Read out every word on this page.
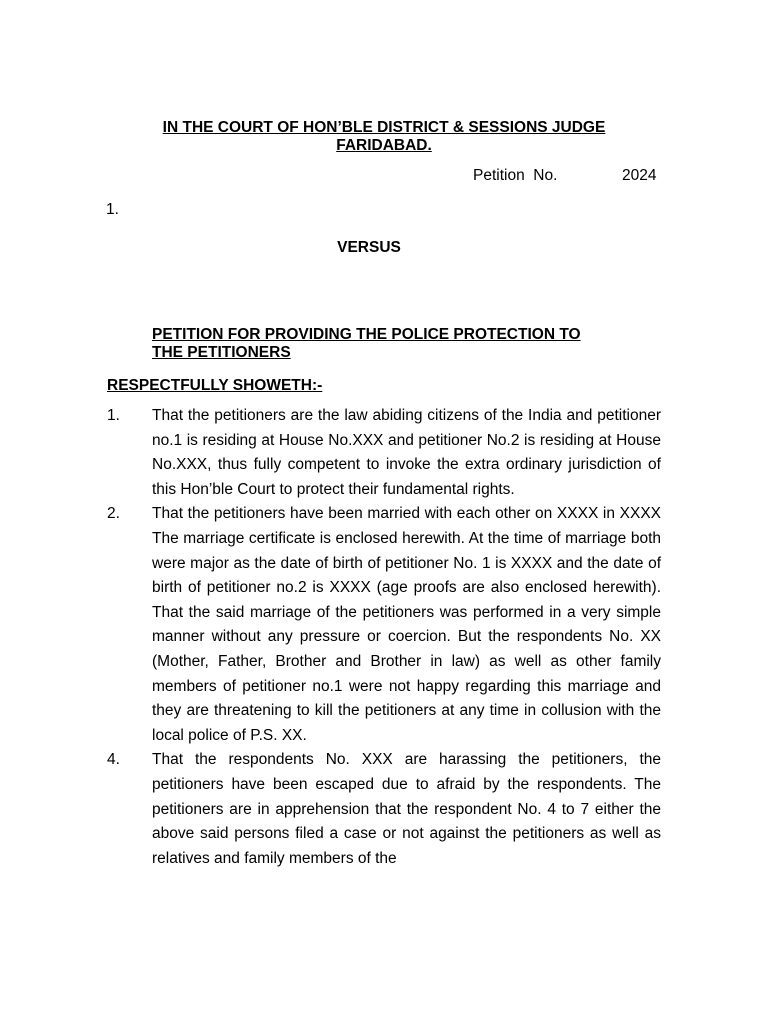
IN THE COURT OF HON’BLE DISTRICT & SESSIONS JUDGE
FARIDABAD.
Petition  No.	2024
1.
VERSUS
PETITION FOR PROVIDING THE POLICE PROTECTION TO
THE PETITIONERS
RESPECTFULLY SHOWETH:-
1. That the petitioners are the law abiding citizens of the India and petitioner no.1 is residing at House No.XXX and petitioner No.2 is residing at House No.XXX, thus fully competent to invoke the extra ordinary jurisdiction of this Hon’ble Court to protect their fundamental rights.
2. That the petitioners have been married with each other on XXXX in XXXX The marriage certificate is enclosed herewith. At the time of marriage both were major as the date of birth of petitioner No. 1 is XXXX and the date of birth of petitioner no.2 is XXXX (age proofs are also enclosed herewith). That the said marriage of the petitioners was performed in a very simple manner without any pressure or coercion. But the respondents No. XX (Mother, Father, Brother and Brother in law) as well as other family members of petitioner no.1 were not happy regarding this marriage and they are threatening to kill the petitioners at any time in collusion with the local police of P.S. XX.
4. That the respondents No. XXX are harassing the petitioners, the petitioners have been escaped due to afraid by the respondents. The petitioners are in apprehension that the respondent No. 4 to 7 either the above said persons filed a case or not against the petitioners as well as relatives and family members of the
